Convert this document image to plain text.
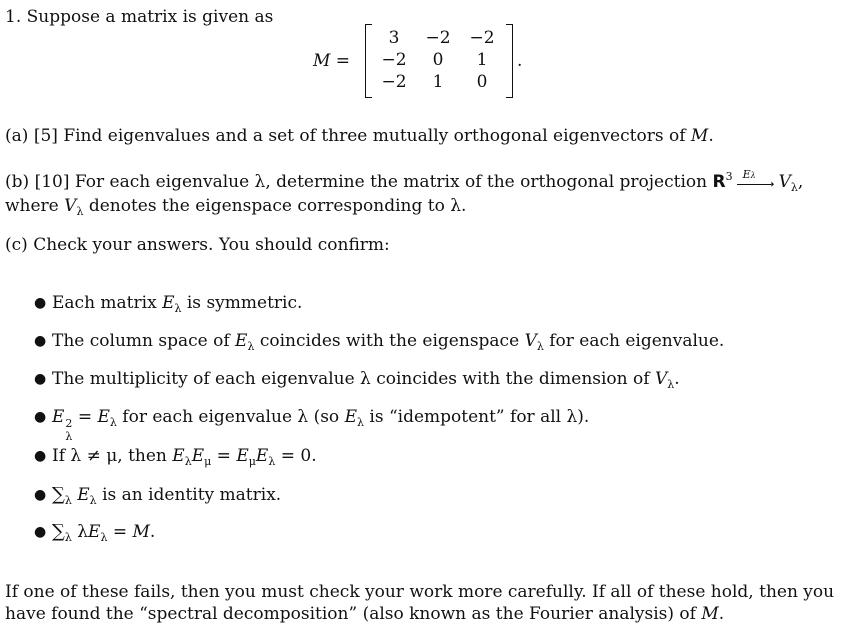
1. Suppose a matrix is given as
M =
3	−2 −2
−2	0	1
−2	1	0
.
(a) [5] Find eigenvalues and a set of three mutually orthogonal eigenvectors of M.
(b) [10] For each eigenvalue λ, determine the matrix of the orthogonal projection $R^3$ Eλ
➝ $V_\lambda$, where $V_\lambda$ denotes the eigenspace corresponding to λ.
(c) Check your answers. You should confirm:
● Each matrix $E_\lambda$ is symmetric.
● The column space of $E_\lambda$ coincides with the eigenspace $V_\lambda$ for each eigenvalue.
● The multiplicity of each eigenvalue λ coincides with the dimension of $V_\lambda$.
● E 2
λ
= $E_\lambda$ for each eigenvalue λ (so $E_\lambda$ is “idempotent” for all λ).
● If λ ≠ μ, then $E_\lambda E_\mu = E_\mu E_\lambda = 0$.
● $\sum_\lambda$ $E_\lambda$ is an identity matrix.
● $\sum_\lambda$ $\lambda E_\lambda = M$.
If one of these fails, then you must check your work more carefully. If all of these hold, then you have found the “spectral decomposition” (also known as the Fourier analysis) of M.
